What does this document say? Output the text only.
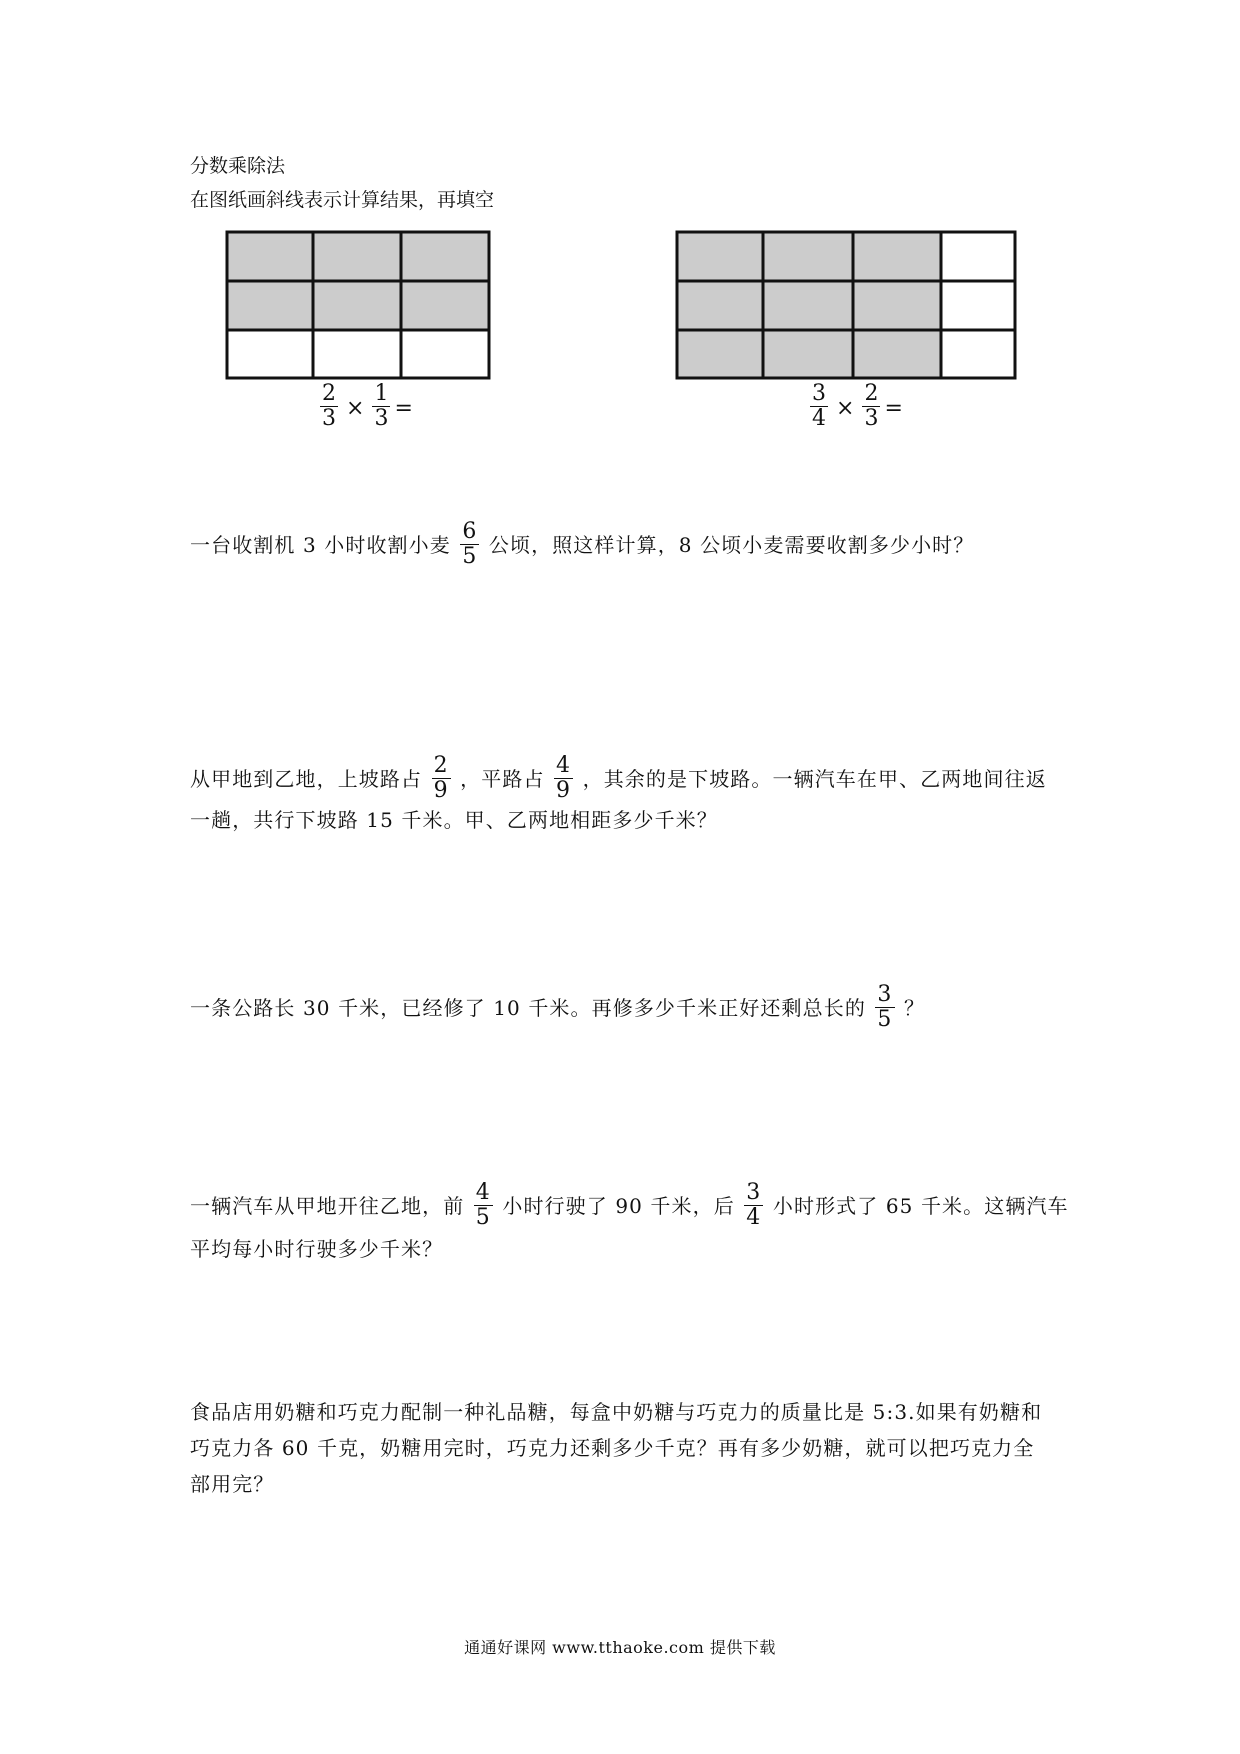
分数乘除法
在图纸画斜线表示计算结果，再填空
$\frac{2}{3} \times \frac{1}{3}$ =	$\frac{3}{4} \times \frac{2}{3}$ =
一台收割机 3 小时收割小麦 $\frac{6}{5}$ 公顷，照这样计算，8 公顷小麦需要收割多少小时？
从甲地到乙地，上坡路占 $\frac{2}{9}$ ，平路占 $\frac{4}{9}$ ，其余的是下坡路。一辆汽车在甲、乙两地间往返
一趟，共行下坡路 15 千米。甲、乙两地相距多少千米？
一条公路长 30 千米，已经修了 10 千米。再修多少千米正好还剩总长的 $\frac{3}{5}$ ？
一辆汽车从甲地开往乙地，前 $\frac{4}{5}$ 小时行驶了 90 千米，后 $\frac{3}{4}$ 小时形式了 65 千米。这辆汽车
平均每小时行驶多少千米？
食品店用奶糖和巧克力配制一种礼品糖，每盒中奶糖与巧克力的质量比是 5:3.如果有奶糖和
巧克力各 60 千克，奶糖用完时，巧克力还剩多少千克？再有多少奶糖，就可以把巧克力全
部用完？
通通好课网 www.tthaoke.com 提供下载
